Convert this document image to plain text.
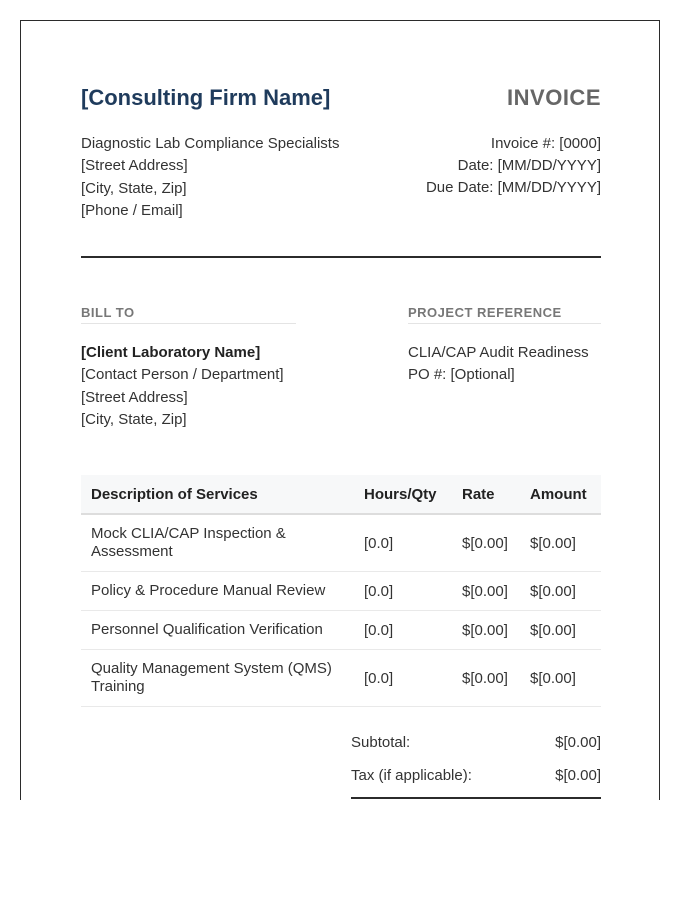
[Consulting Firm Name]	INVOICE
Diagnostic Lab Compliance Specialists
[Street Address]
[City, State, Zip]
[Phone / Email]
Invoice #: [0000]
Date: [MM/DD/YYYY]
Due Date: [MM/DD/YYYY]
BILL TO
[Client Laboratory Name]
[Contact Person / Department]
[Street Address]
[City, State, Zip]
PROJECT REFERENCE
CLIA/CAP Audit Readiness
PO #: [Optional]
Description of Services	Hours/Qty	Rate	Amount
Mock CLIA/CAP Inspection & Assessment	[0.0]	$[0.00]	$[0.00]
Policy & Procedure Manual Review	[0.0]	$[0.00]	$[0.00]
Personnel Qualification Verification	[0.0]	$[0.00]	$[0.00]
Quality Management System (QMS) Training	[0.0]	$[0.00]	$[0.00]
Subtotal:	$[0.00]
Tax (if applicable):	$[0.00]
